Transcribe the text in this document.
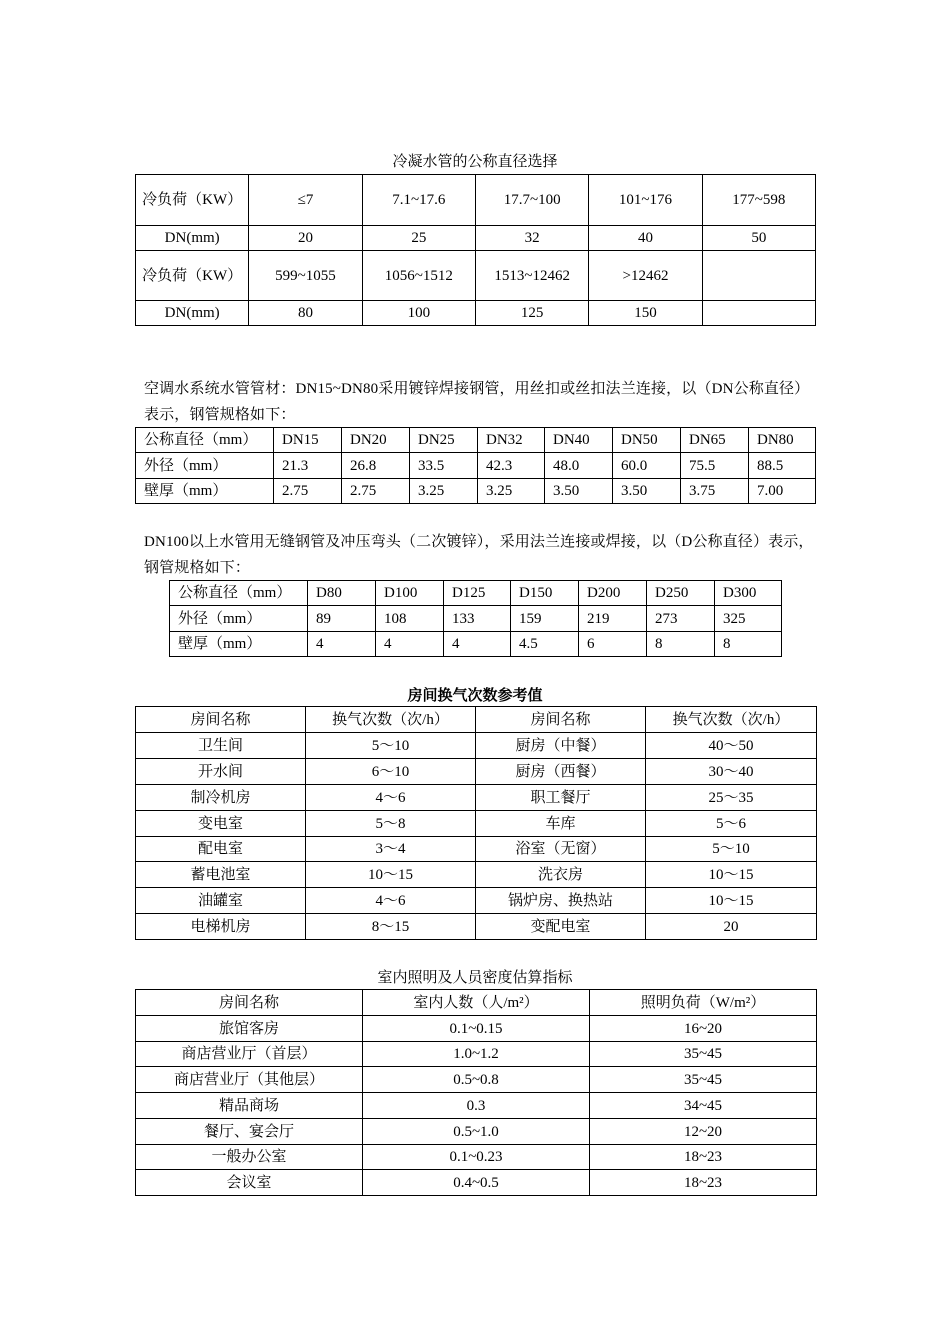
冷凝水管的公称直径选择
冷负荷（KW）	≤7	7.1~17.6	17.7~100	101~176	177~598
DN(mm)	20	25	32	40	50
冷负荷（KW）	599~1055	1056~1512	1513~12462	>12462	
DN(mm)	80	100	125	150	
空调水系统水管管材：DN15~DN80采用镀锌焊接钢管，用丝扣或丝扣法兰连接，以（DN公称直径）表示，钢管规格如下：
公称直径（mm）	DN15	DN20	DN25	DN32	DN40	DN50	DN65	DN80
外径（mm）	21.3	26.8	33.5	42.3	48.0	60.0	75.5	88.5
壁厚（mm）	2.75	2.75	3.25	3.25	3.50	3.50	3.75	7.00
DN100以上水管用无缝钢管及冲压弯头（二次镀锌），采用法兰连接或焊接，以（D公称直径）表示，钢管规格如下：
公称直径（mm）	D80	D100	D125	D150	D200	D250	D300
外径（mm）	89	108	133	159	219	273	325
壁厚（mm）	4	4	4	4.5	6	8	8
房间换气次数参考值
房间名称	换气次数（次/h）	房间名称	换气次数（次/h）
卫生间	5～10	厨房（中餐）	40～50
开水间	6～10	厨房（西餐）	30～40
制冷机房	4～6	职工餐厅	25～35
变电室	5～8	车库	5～6
配电室	3～4	浴室（无窗）	5～10
蓄电池室	10～15	洗衣房	10～15
油罐室	4～6	锅炉房、换热站	10～15
电梯机房	8～15	变配电室	20
室内照明及人员密度估算指标
房间名称	室内人数（人/m²）	照明负荷（W/m²）
旅馆客房	0.1~0.15	16~20
商店营业厅（首层）	1.0~1.2	35~45
商店营业厅（其他层）	0.5~0.8	35~45
精品商场	0.3	34~45
餐厅、宴会厅	0.5~1.0	12~20
一般办公室	0.1~0.23	18~23
会议室	0.4~0.5	18~23
